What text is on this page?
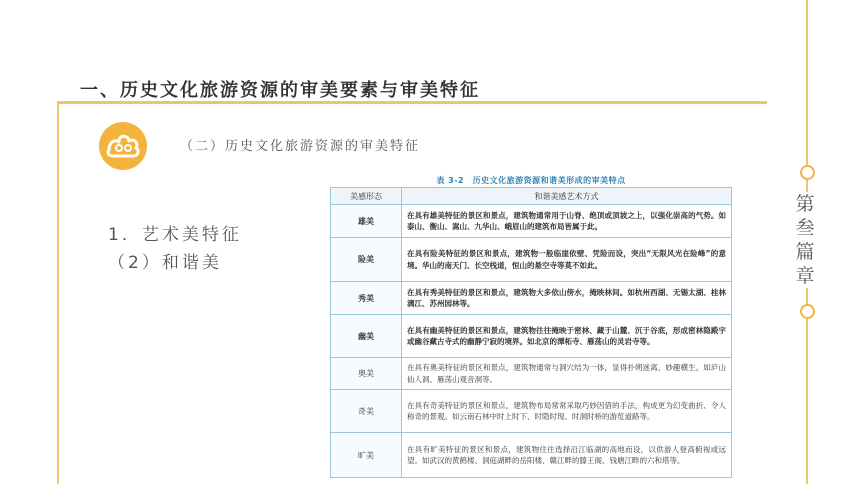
第
叁
篇
章
一、历史文化旅游资源的审美要素与审美特征
（二）历史文化旅游资源的审美特征
1．艺术美特征
（2）和谐美
表 3-2　历史文化旅游资源和谐美形成的审美特点
美感形态	和谐美感艺术方式
雄美	在具有雄美特征的景区和景点，建筑物通常用于山脊、绝顶或顶坡之上，以强化崇高的气势。如泰山、衡山、嵩山、九华山、峨眉山的建筑布局皆属于此。
险美	在具有险美特征的景区和景点，建筑物一般临崖依壁、凭险而设，突出“无限风光在险峰”的意境。华山的南天门、长空栈道，恒山的悬空寺等莫不如此。
秀美	在具有秀美特征的景区和景点，建筑物大多依山傍水，掩映林间。如杭州西湖、无锡太湖、桂林漓江、苏州园林等。
幽美	在具有幽美特征的景区和景点，建筑物往往掩映于密林、藏于山麓、沉于谷底，形成密林隐殿宇或幽谷藏古寺式的幽静宁寂的境界。如北京的潭柘寺、雁荡山的灵岩寺等。
奥美	在具有奥美特征的景区和景点，建筑物通常与洞穴结为一体，显得扑朔迷离、妙趣横生。如庐山仙人洞、雁荡山观音洞等。
奇美	在具有奇美特征的景区和景点，建筑物布局常常采取巧妙因借的手法，构成更为幻变曲折、令人称奇的景观。如云南石林中时上时下、时隐时现、时洞时桥的游览道路等。
旷美	在具有旷美特征的景区和景点，建筑物往往选择沿江临湖的高地而设，以供游人登高俯视或远望。如武汉的黄鹤楼、洞庭湖畔的岳阳楼、赣江畔的滕王阁、钱塘江畔的六和塔等。
